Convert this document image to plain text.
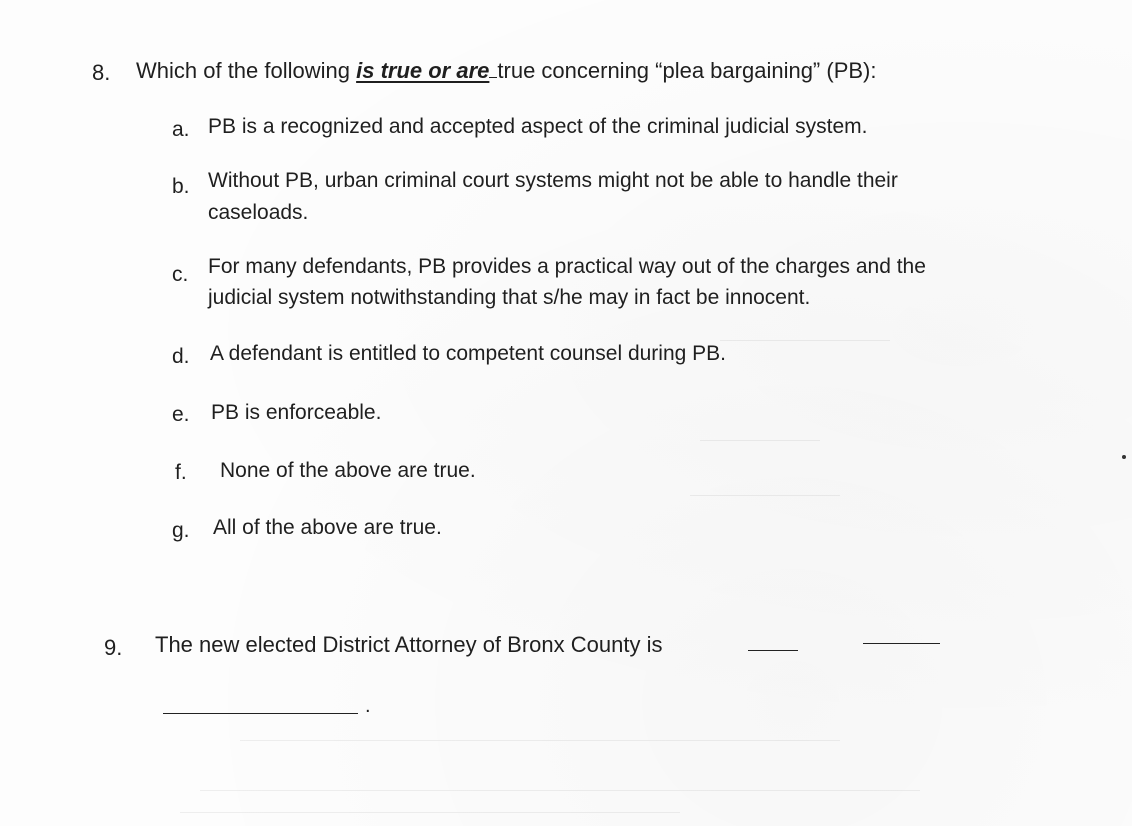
8. Which of the following is true or are true concerning “plea bargaining” (PB):
a. PB is a recognized and accepted aspect of the criminal judicial system.
b. Without PB, urban criminal court systems might not be able to handle their
caseloads.
c. For many defendants, PB provides a practical way out of the charges and the
judicial system notwithstanding that s/he may in fact be innocent.
d. A defendant is entitled to competent counsel during PB.
e. PB is enforceable.
f. None of the above are true.
g. All of the above are true.
9. The new elected District Attorney of Bronx County is
.
